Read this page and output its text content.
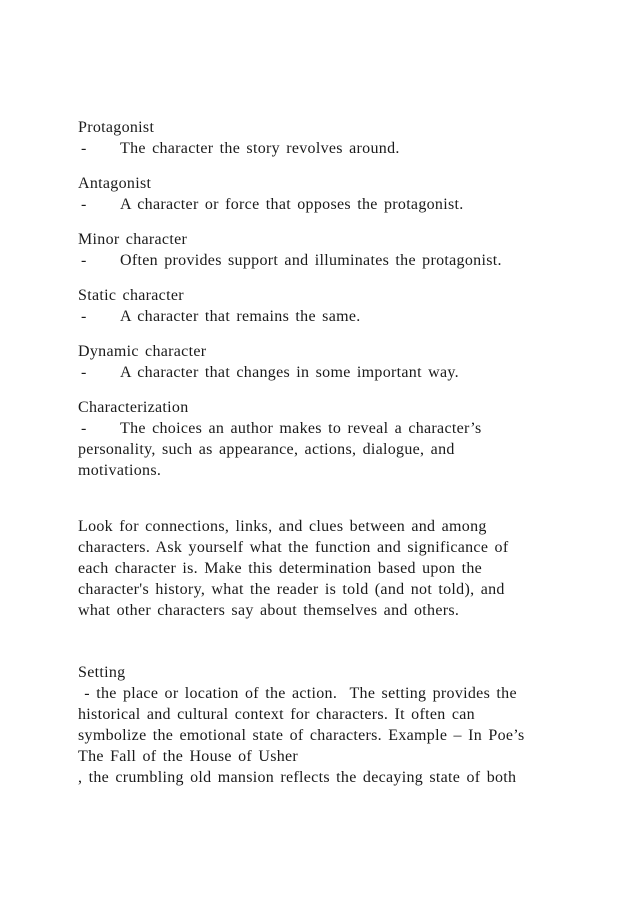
Protagonist
- The character the story revolves around.
Antagonist
- A character or force that opposes the protagonist.
Minor character
- Often provides support and illuminates the protagonist.
Static character
- A character that remains the same.
Dynamic character
- A character that changes in some important way.
Characterization
- The choices an author makes to reveal a character’s
personality, such as appearance, actions, dialogue, and
motivations.
Look for connections, links, and clues between and among
characters. Ask yourself what the function and significance of
each character is. Make this determination based upon the
character's history, what the reader is told (and not told), and
what other characters say about themselves and others.
Setting
- the place or location of the action.  The setting provides the
historical and cultural context for characters. It often can
symbolize the emotional state of characters. Example – In Poe’s
The Fall of the House of Usher
, the crumbling old mansion reflects the decaying state of both
